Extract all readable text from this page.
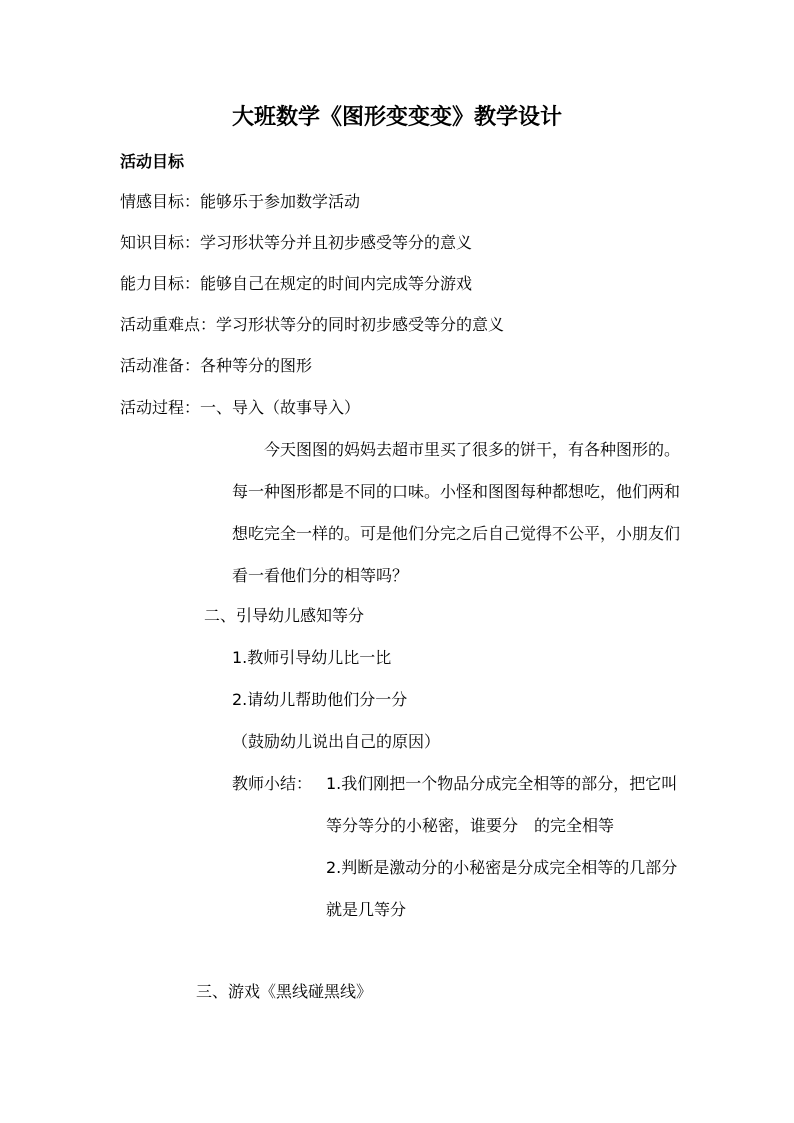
大班数学《图形变变变》教学设计
活动目标
情感目标：能够乐于参加数学活动
知识目标：学习形状等分并且初步感受等分的意义
能力目标：能够自己在规定的时间内完成等分游戏
活动重难点：学习形状等分的同时初步感受等分的意义
活动准备：各种等分的图形
活动过程：一、导入（故事导入）
今天图图的妈妈去超市里买了很多的饼干，有各种图形的。每一种图形都是不同的口味。小怪和图图每种都想吃，他们两和想吃完全一样的。可是他们分完之后自己觉得不公平，小朋友们看一看他们分的相等吗？
二、引导幼儿感知等分
1.教师引导幼儿比一比
2.请幼儿帮助他们分一分
（鼓励幼儿说出自己的原因）
教师小结： 1.我们刚把一个物品分成完全相等的部分，把它叫等分等分的小秘密，谁要分　的完全相等

2.判断是激动分的小秘密是分成完全相等的几部分就是几等分

三、游戏《黑线碰黑线》
